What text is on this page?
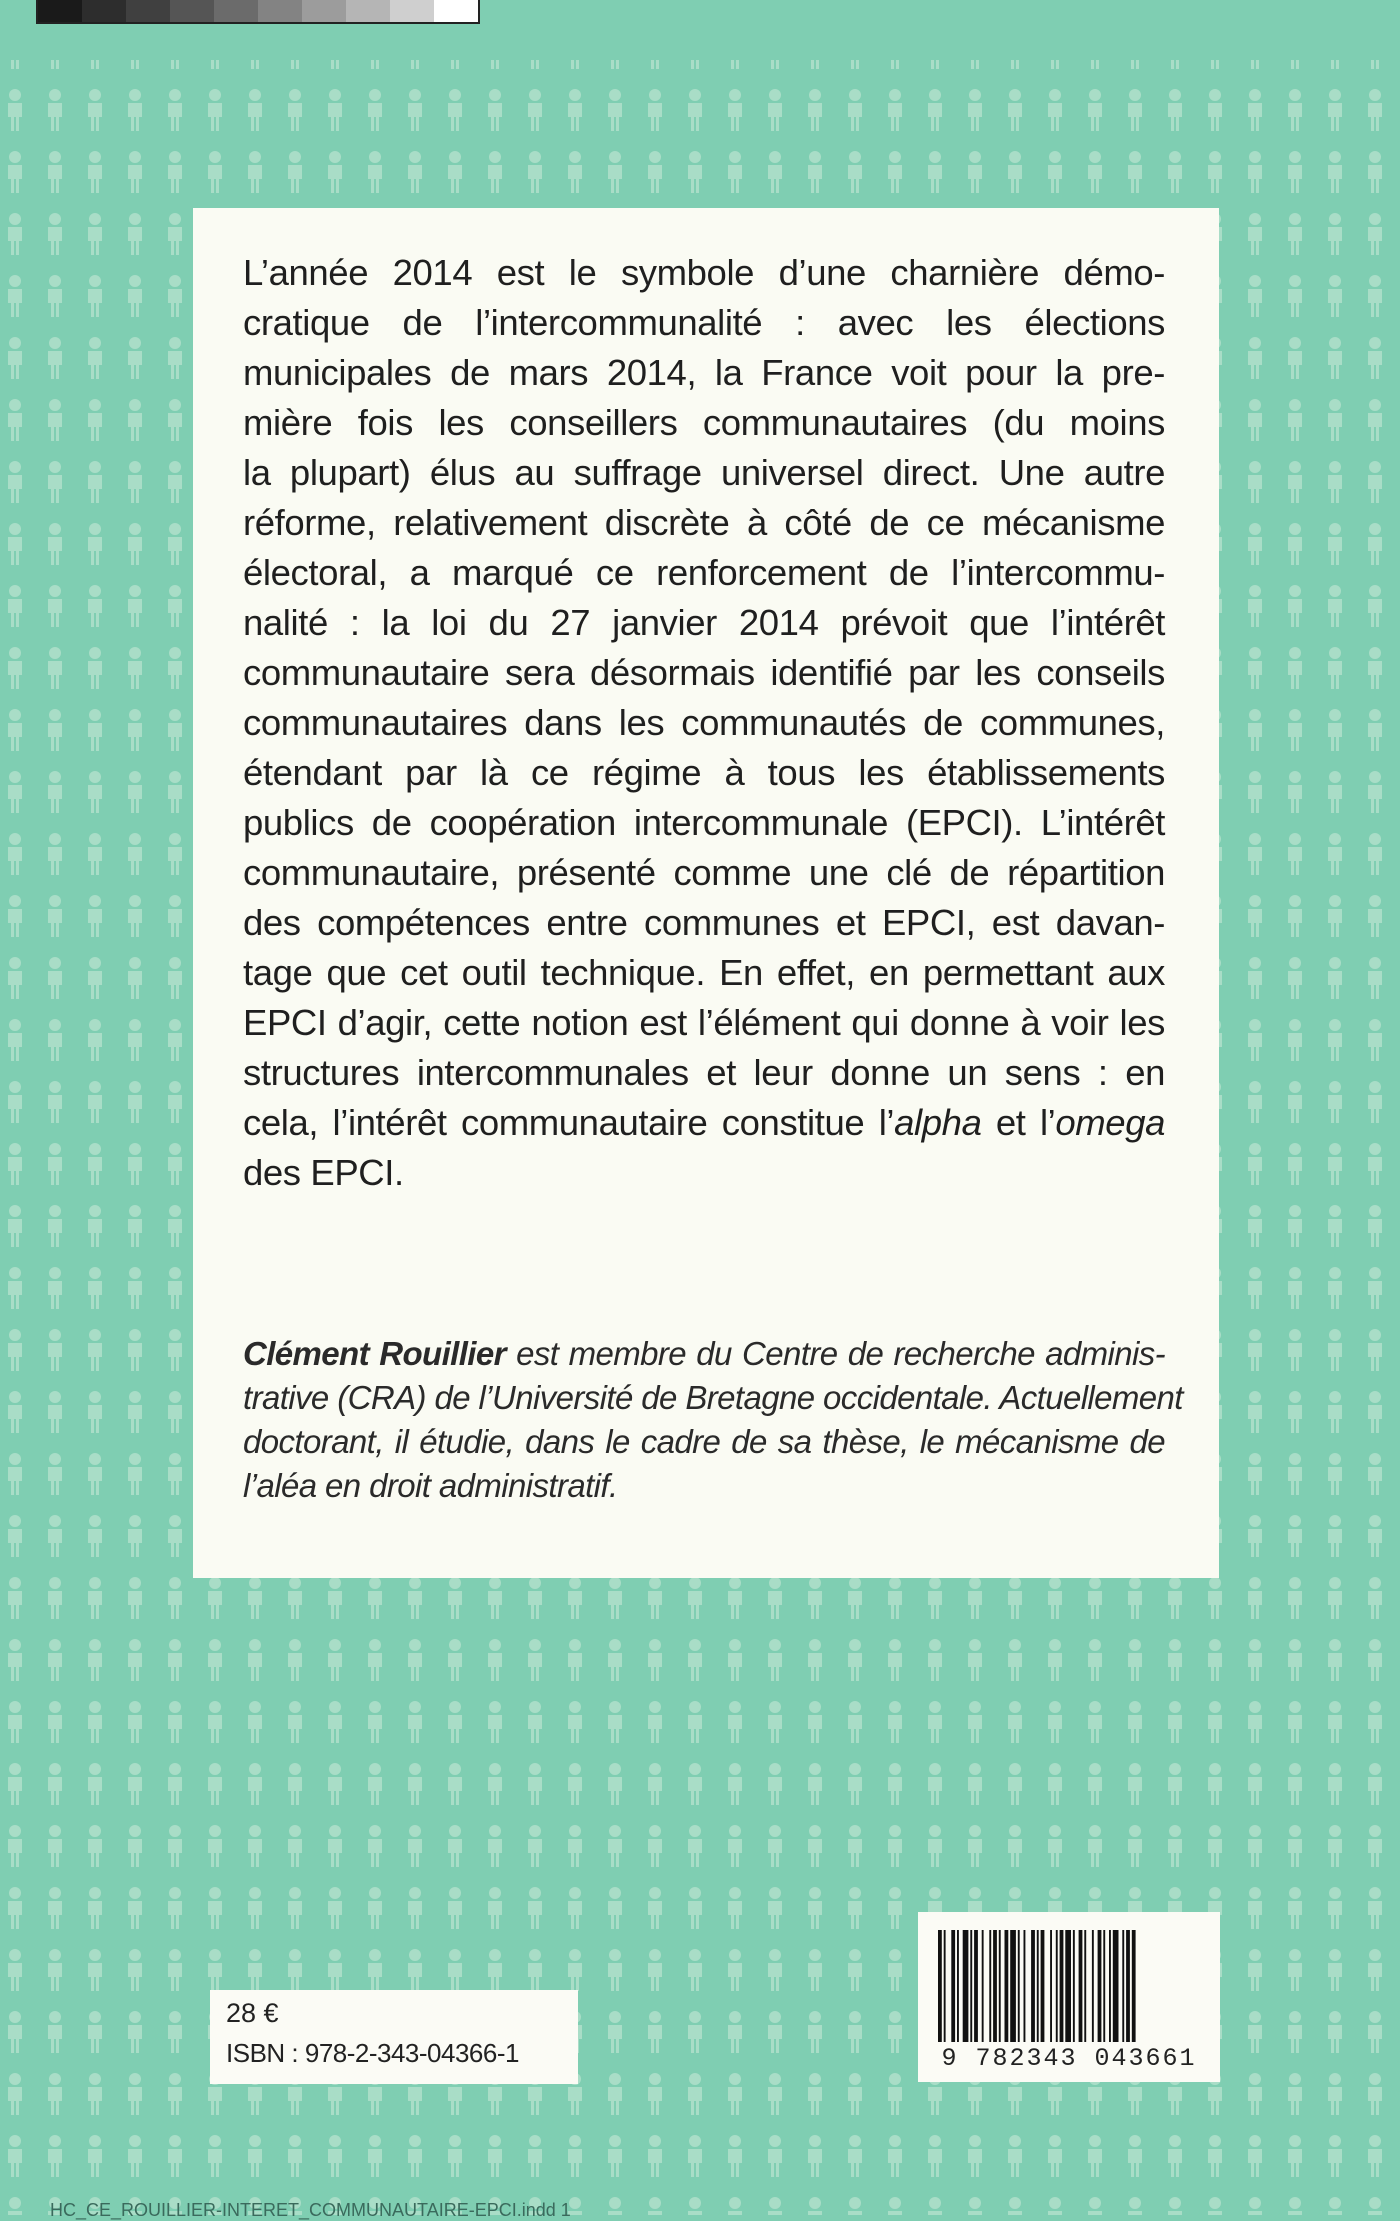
L’année 2014 est le symbole d’une charnière démo-
cratique de l’intercommunalité : avec les élections
municipales de mars 2014, la France voit pour la pre-
mière fois les conseillers communautaires (du moins
la plupart) élus au suffrage universel direct. Une autre
réforme, relativement discrète à côté de ce mécanisme
électoral, a marqué ce renforcement de l’intercommu-
nalité : la loi du 27 janvier 2014 prévoit que l’intérêt
communautaire sera désormais identifié par les conseils
communautaires dans les communautés de communes,
étendant par là ce régime à tous les établissements
publics de coopération intercommunale (EPCI). L’intérêt
communautaire, présenté comme une clé de répartition
des compétences entre communes et EPCI, est davan-
tage que cet outil technique. En effet, en permettant aux
EPCI d’agir, cette notion est l’élément qui donne à voir les
structures intercommunales et leur donne un sens : en
cela, l’intérêt communautaire constitue l’alpha et l’omega
des EPCI.
Clément Rouillier est membre du Centre de recherche adminis-
trative (CRA) de l’Université de Bretagne occidentale. Actuellement
doctorant, il étudie, dans le cadre de sa thèse, le mécanisme de
l’aléa en droit administratif.
28 €
ISBN : 978-2-343-04366-1	9 782343 043661
HC_CE_ROUILLIER-INTERET_COMMUNAUTAIRE-EPCI.indd 1
